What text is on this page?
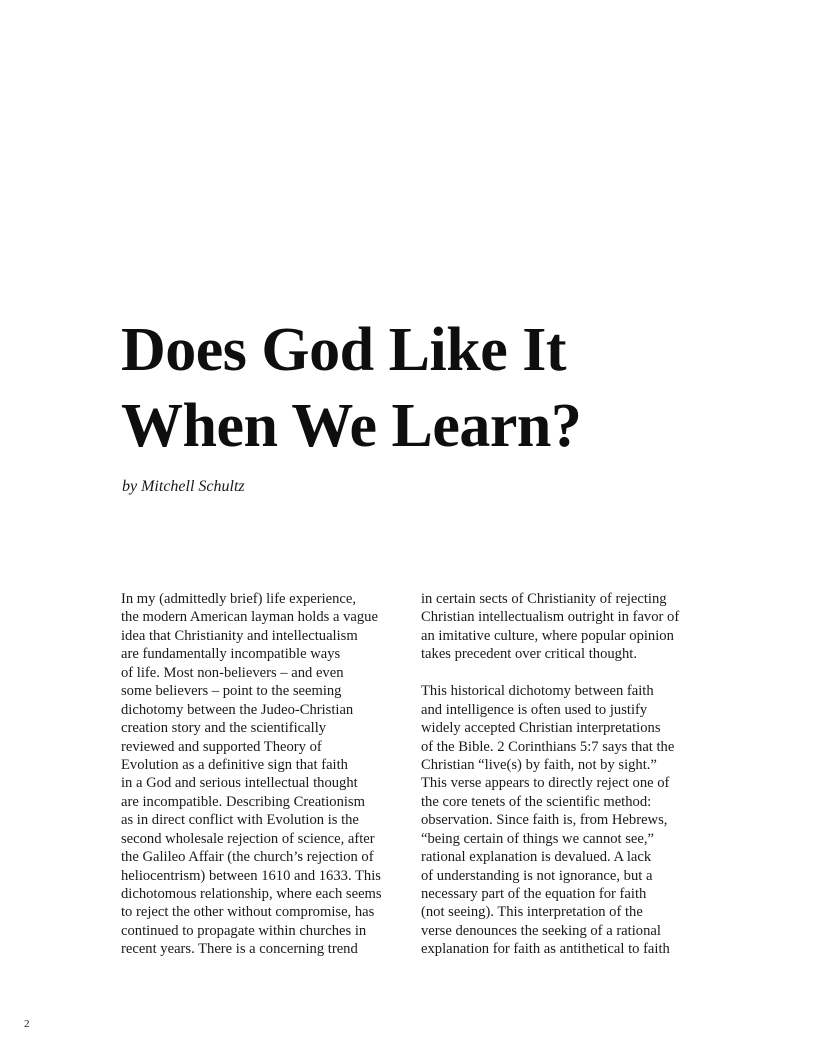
Does God Like It
When We Learn?

by Mitchell Schultz

In my (admittedly brief) life experience,
the modern American layman holds a vague
idea that Christianity and intellectualism
are fundamentally incompatible ways
of life. Most non-believers – and even
some believers – point to the seeming
dichotomy between the Judeo-Christian
creation story and the scientifically
reviewed and supported Theory of
Evolution as a definitive sign that faith
in a God and serious intellectual thought
are incompatible. Describing Creationism
as in direct conflict with Evolution is the
second wholesale rejection of science, after
the Galileo Affair (the church’s rejection of
heliocentrism) between 1610 and 1633. This
dichotomous relationship, where each seems
to reject the other without compromise, has
continued to propagate within churches in
recent years. There is a concerning trend
in certain sects of Christianity of rejecting
Christian intellectualism outright in favor of
an imitative culture, where popular opinion
takes precedent over critical thought.
This historical dichotomy between faith
and intelligence is often used to justify
widely accepted Christian interpretations
of the Bible. 2 Corinthians 5:7 says that the
Christian “live(s) by faith, not by sight.”
This verse appears to directly reject one of
the core tenets of the scientific method:
observation. Since faith is, from Hebrews,
“being certain of things we cannot see,”
rational explanation is devalued. A lack
of understanding is not ignorance, but a
necessary part of the equation for faith
(not seeing). This interpretation of the
verse denounces the seeking of a rational
explanation for faith as antithetical to faith
2
